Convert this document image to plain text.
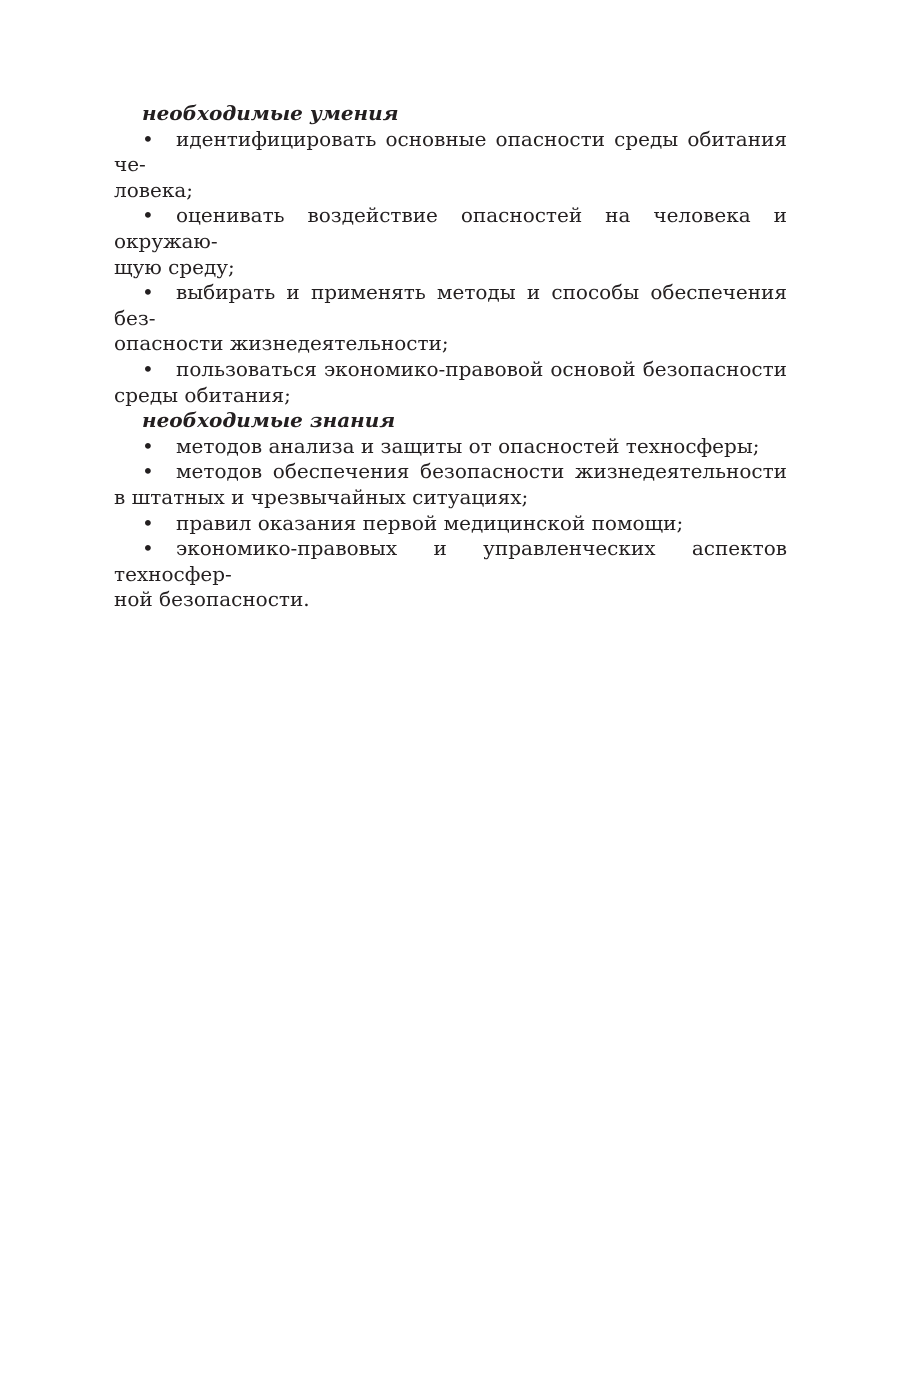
необходимые умения

• идентифицировать основные опасности среды обитания че-
ловека;
• оценивать воздействие опасностей на человека и окружаю-
щую среду;
• выбирать и применять методы и способы обеспечения без-
опасности жизнедеятельности;
• пользоваться экономико-правовой основой безопасности
среды обитания;

необходимые знания

• методов анализа и защиты от опасностей техносферы;
• методов обеспечения безопасности жизнедеятельности
в штатных и чрезвычайных ситуациях;
• правил оказания первой медицинской помощи;
• экономико-правовых и управленческих аспектов техносфер-
ной безопасности.
